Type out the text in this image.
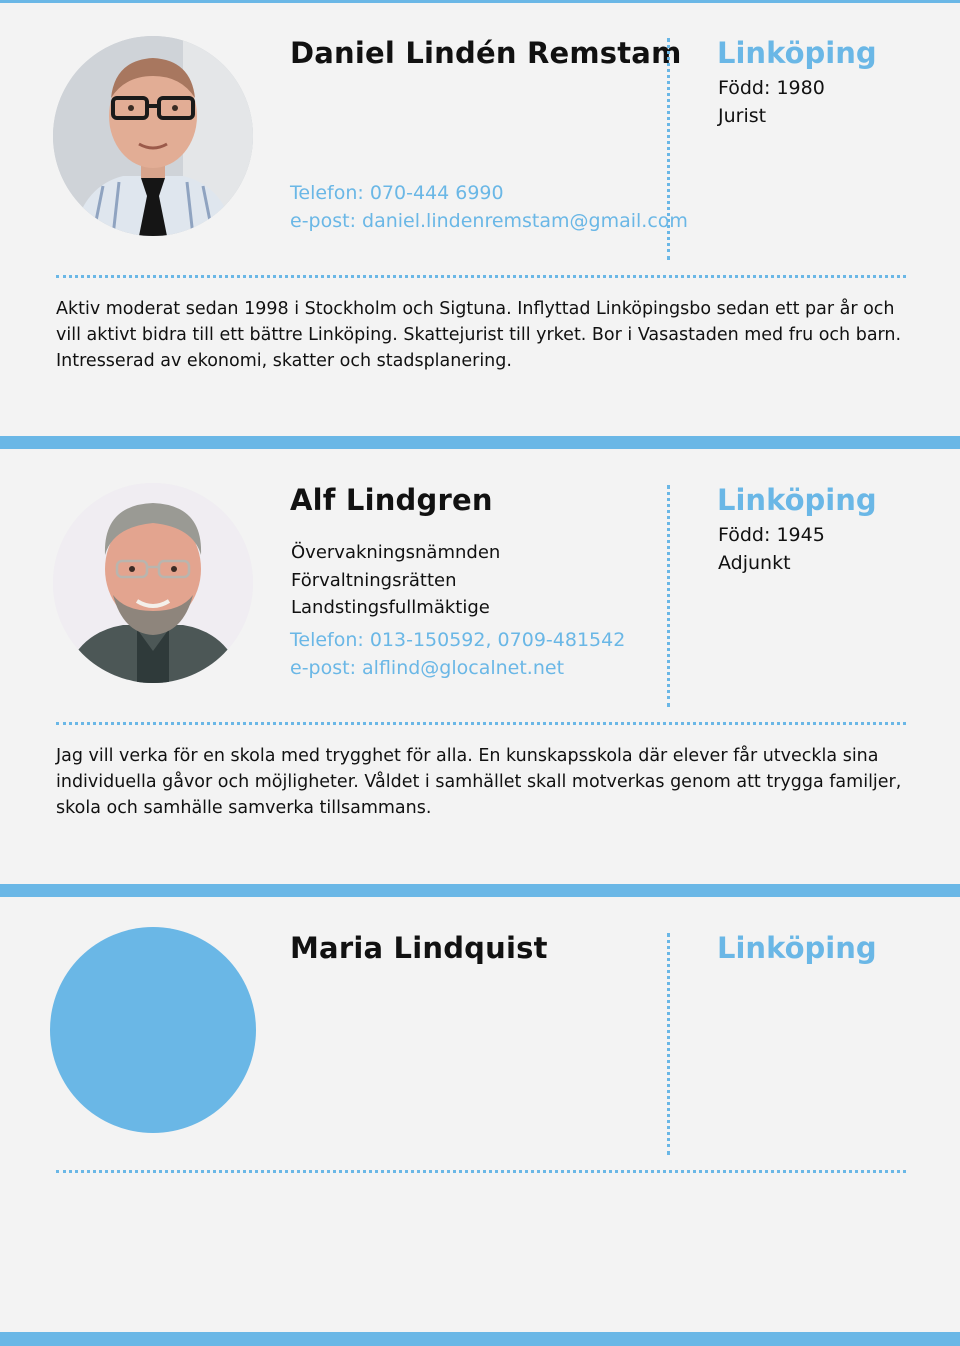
Daniel Lindén Remstam
Telefon: 070-444 6990
e-post: daniel.lindenremstam@gmail.com
Linköping
Född: 1980
Jurist

Aktiv moderat sedan 1998 i Stockholm och Sigtuna. Inflyttad Linköpingsbo sedan ett par år och vill aktivt bidra till ett bättre Linköping. Skattejurist till yrket. Bor i Vasastaden med fru och barn. Intresserad av ekonomi, skatter och stadsplanering.

Alf Lindgren
Övervakningsnämnden
Förvaltningsrätten
Landstingsfullmäktige
Telefon: 013-150592, 0709-481542
e-post: alflind@glocalnet.net
Linköping
Född: 1945
Adjunkt

Jag vill verka för en skola med trygghet för alla. En kunskapsskola där elever får utveckla sina individuella gåvor och möjligheter. Våldet i samhället skall motverkas genom att trygga familjer, skola och samhälle samverka tillsammans.

Maria Lindquist	Linköping
